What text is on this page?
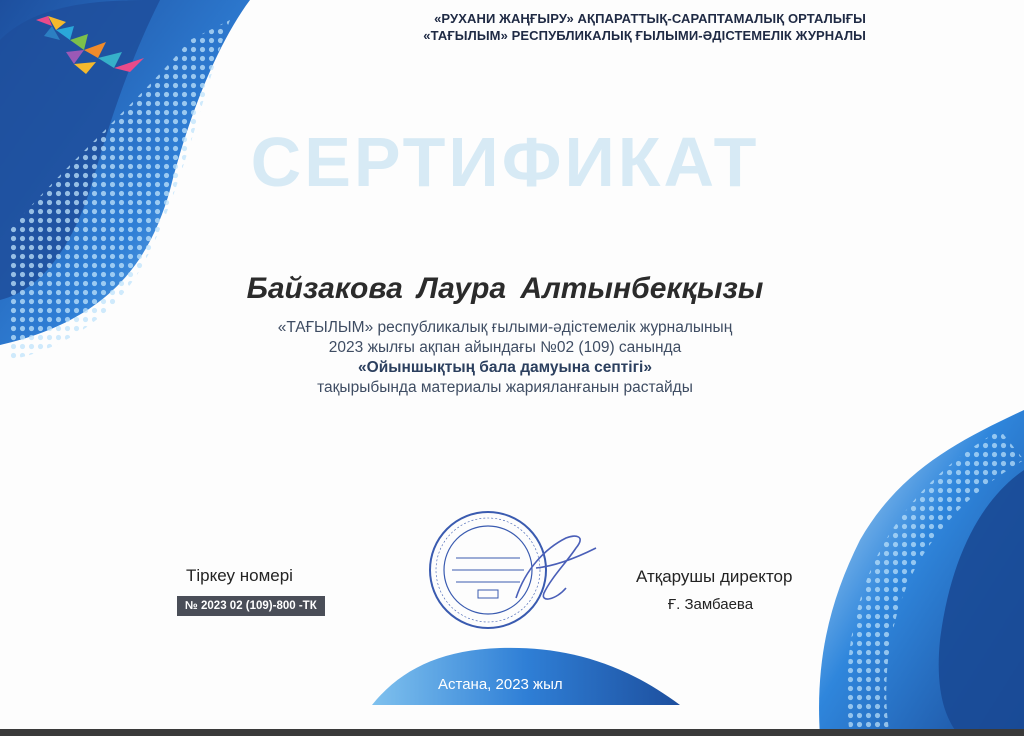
«РУХАНИ ЖАҢҒЫРУ» АҚПАРАТТЫҚ-САРАПТАМАЛЫҚ ОРТАЛЫҒЫ
«ТАҒЫЛЫМ» РЕСПУБЛИКАЛЫҚ ҒЫЛЫМИ-ӘДІСТЕМЕЛІК ЖУРНАЛЫ
СЕРТИФИКАТ
Байзакова Лаура Алтынбекқызы
«ТАҒЫЛЫМ» республикалық ғылыми-әдістемелік журналының
2023 жылғы ақпан айындағы №02 (109) санында
«Ойыншықтың бала дамуына септігі»
тақырыбында материалы жарияланғанын растайды
Тіркеу номері
№ 2023 02 (109)-800 -ТК
Атқарушы директор
Ғ. Замбаева
Астана, 2023 жыл
